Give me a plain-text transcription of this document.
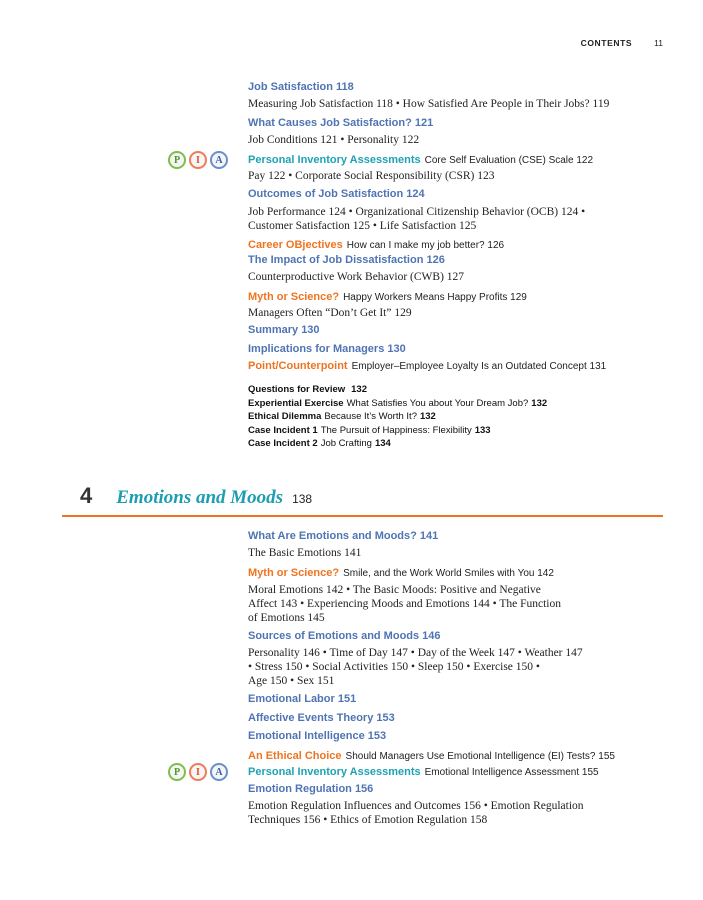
CONTENTS	11
Job Satisfaction 118
Measuring Job Satisfaction 118 • How Satisfied Are People in Their Jobs? 119
What Causes Job Satisfaction? 121
Job Conditions 121 • Personality 122
P	I	A	Personal Inventory Assessments Core Self Evaluation (CSE) Scale 122
Pay 122 • Corporate Social Responsibility (CSR) 123
Outcomes of Job Satisfaction 124
Job Performance 124 • Organizational Citizenship Behavior (OCB) 124 •
Customer Satisfaction 125 • Life Satisfaction 125
Career OBjectives How can I make my job better? 126
The Impact of Job Dissatisfaction 126
Counterproductive Work Behavior (CWB) 127
Myth or Science? Happy Workers Means Happy Profits 129
Managers Often “Don’t Get It” 129
Summary 130
Implications for Managers 130
Point/Counterpoint Employer–Employee Loyalty Is an Outdated Concept 131
Questions for Review 132
Experiential Exercise What Satisfies You about Your Dream Job? 132
Ethical Dilemma Because It’s Worth It? 132
Case Incident 1 The Pursuit of Happiness: Flexibility 133
Case Incident 2 Job Crafting 134
4 Emotions and Moods 138
What Are Emotions and Moods? 141
The Basic Emotions 141
Myth or Science? Smile, and the Work World Smiles with You 142
Moral Emotions 142 • The Basic Moods: Positive and Negative
Affect 143 • Experiencing Moods and Emotions 144 • The Function
of Emotions 145
Sources of Emotions and Moods 146
Personality 146 • Time of Day 147 • Day of the Week 147 • Weather 147
• Stress 150 • Social Activities 150 • Sleep 150 • Exercise 150 •
Age 150 • Sex 151
Emotional Labor 151
Affective Events Theory 153
Emotional Intelligence 153
An Ethical Choice Should Managers Use Emotional Intelligence (EI) Tests? 155
P	I	A	Personal Inventory Assessments Emotional Intelligence Assessment 155
Emotion Regulation 156
Emotion Regulation Influences and Outcomes 156 • Emotion Regulation
Techniques 156 • Ethics of Emotion Regulation 158
